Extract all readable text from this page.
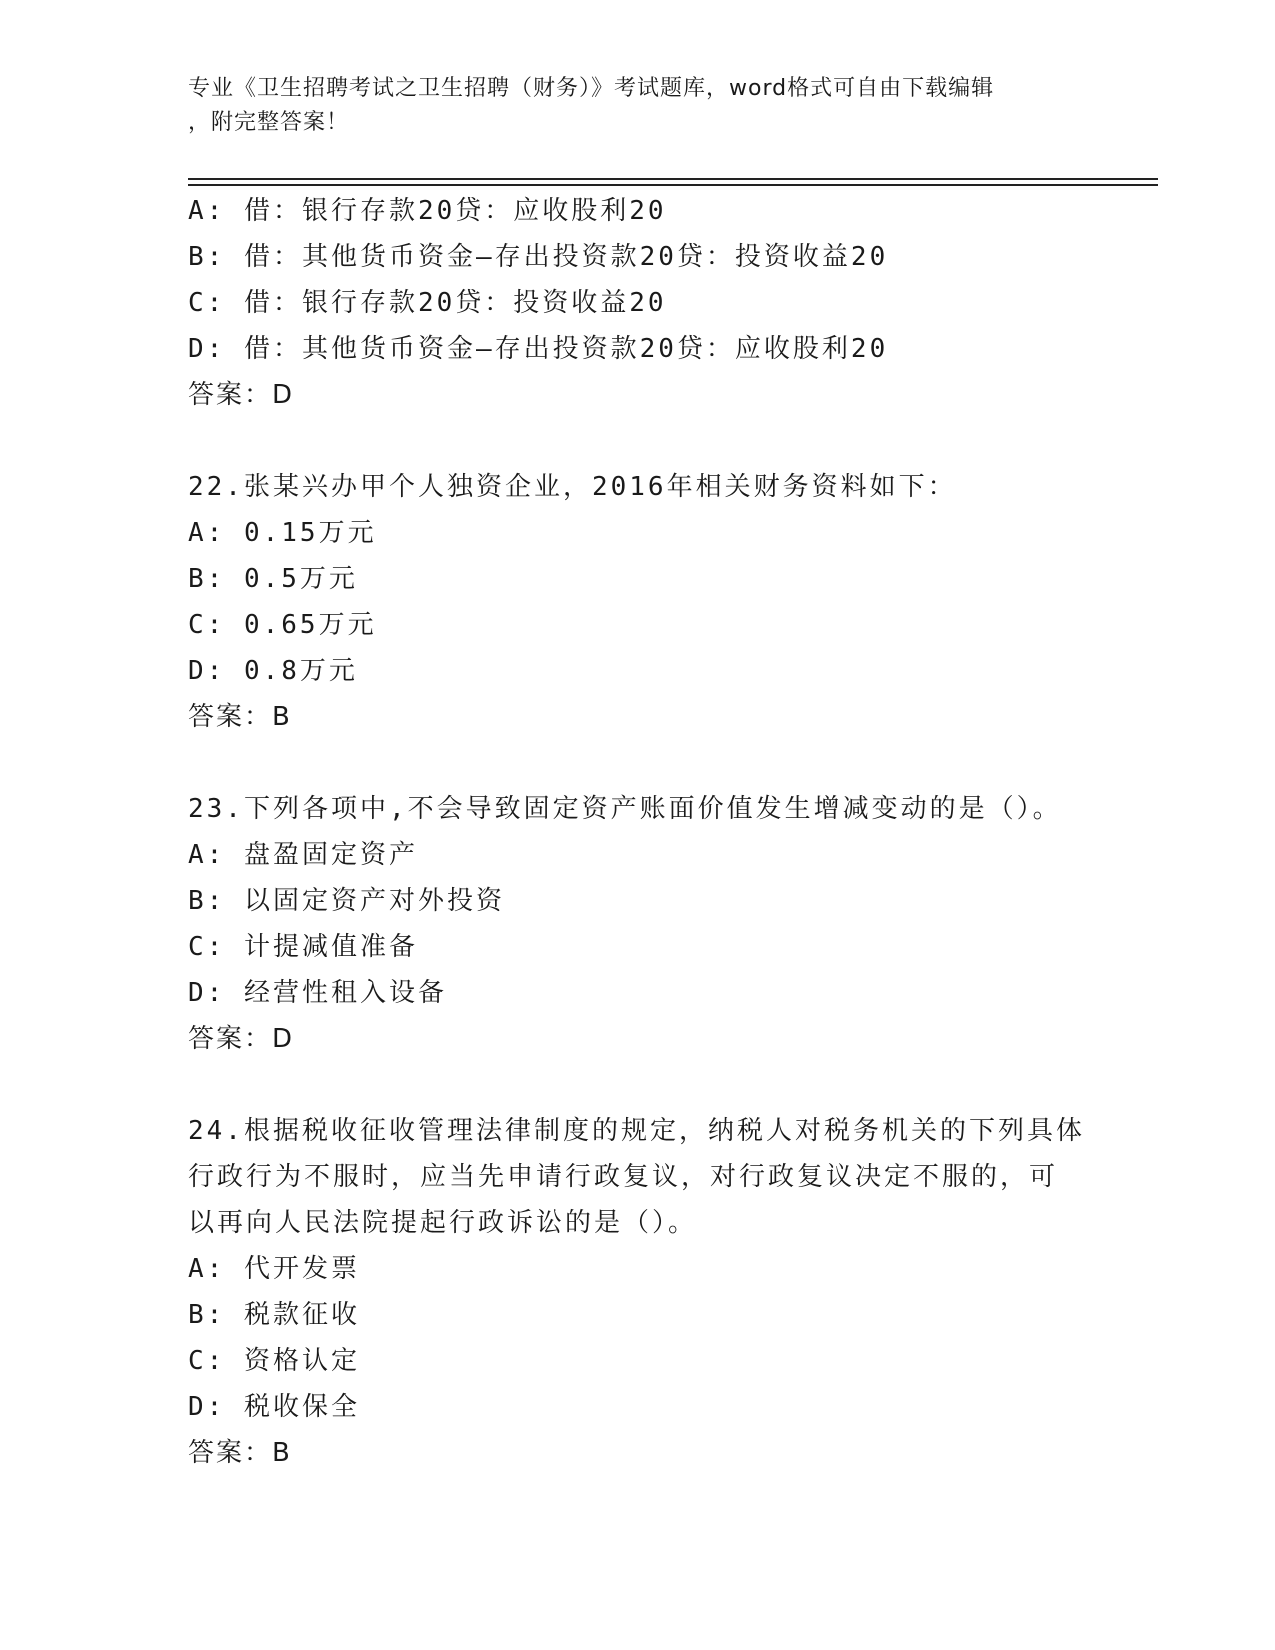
专业《卫生招聘考试之卫生招聘（财务）》考试题库，word格式可自由下载编辑
，附完整答案！
A: 借：银行存款20贷：应收股利20
B: 借：其他货币资金—存出投资款20贷：投资收益20
C: 借：银行存款20贷：投资收益20
D: 借：其他货币资金—存出投资款20贷：应收股利20
答案：D
22.张某兴办甲个人独资企业，2016年相关财务资料如下：
A: 0.15万元
B: 0.5万元
C: 0.65万元
D: 0.8万元
答案：B
23.下列各项中,不会导致固定资产账面价值发生增减变动的是（）。
A: 盘盈固定资产
B: 以固定资产对外投资
C: 计提减值准备
D: 经营性租入设备
答案：D
24.根据税收征收管理法律制度的规定，纳税人对税务机关的下列具体
行政行为不服时，应当先申请行政复议，对行政复议决定不服的，可
以再向人民法院提起行政诉讼的是（）。
A: 代开发票
B: 税款征收
C: 资格认定
D: 税收保全
答案：B
